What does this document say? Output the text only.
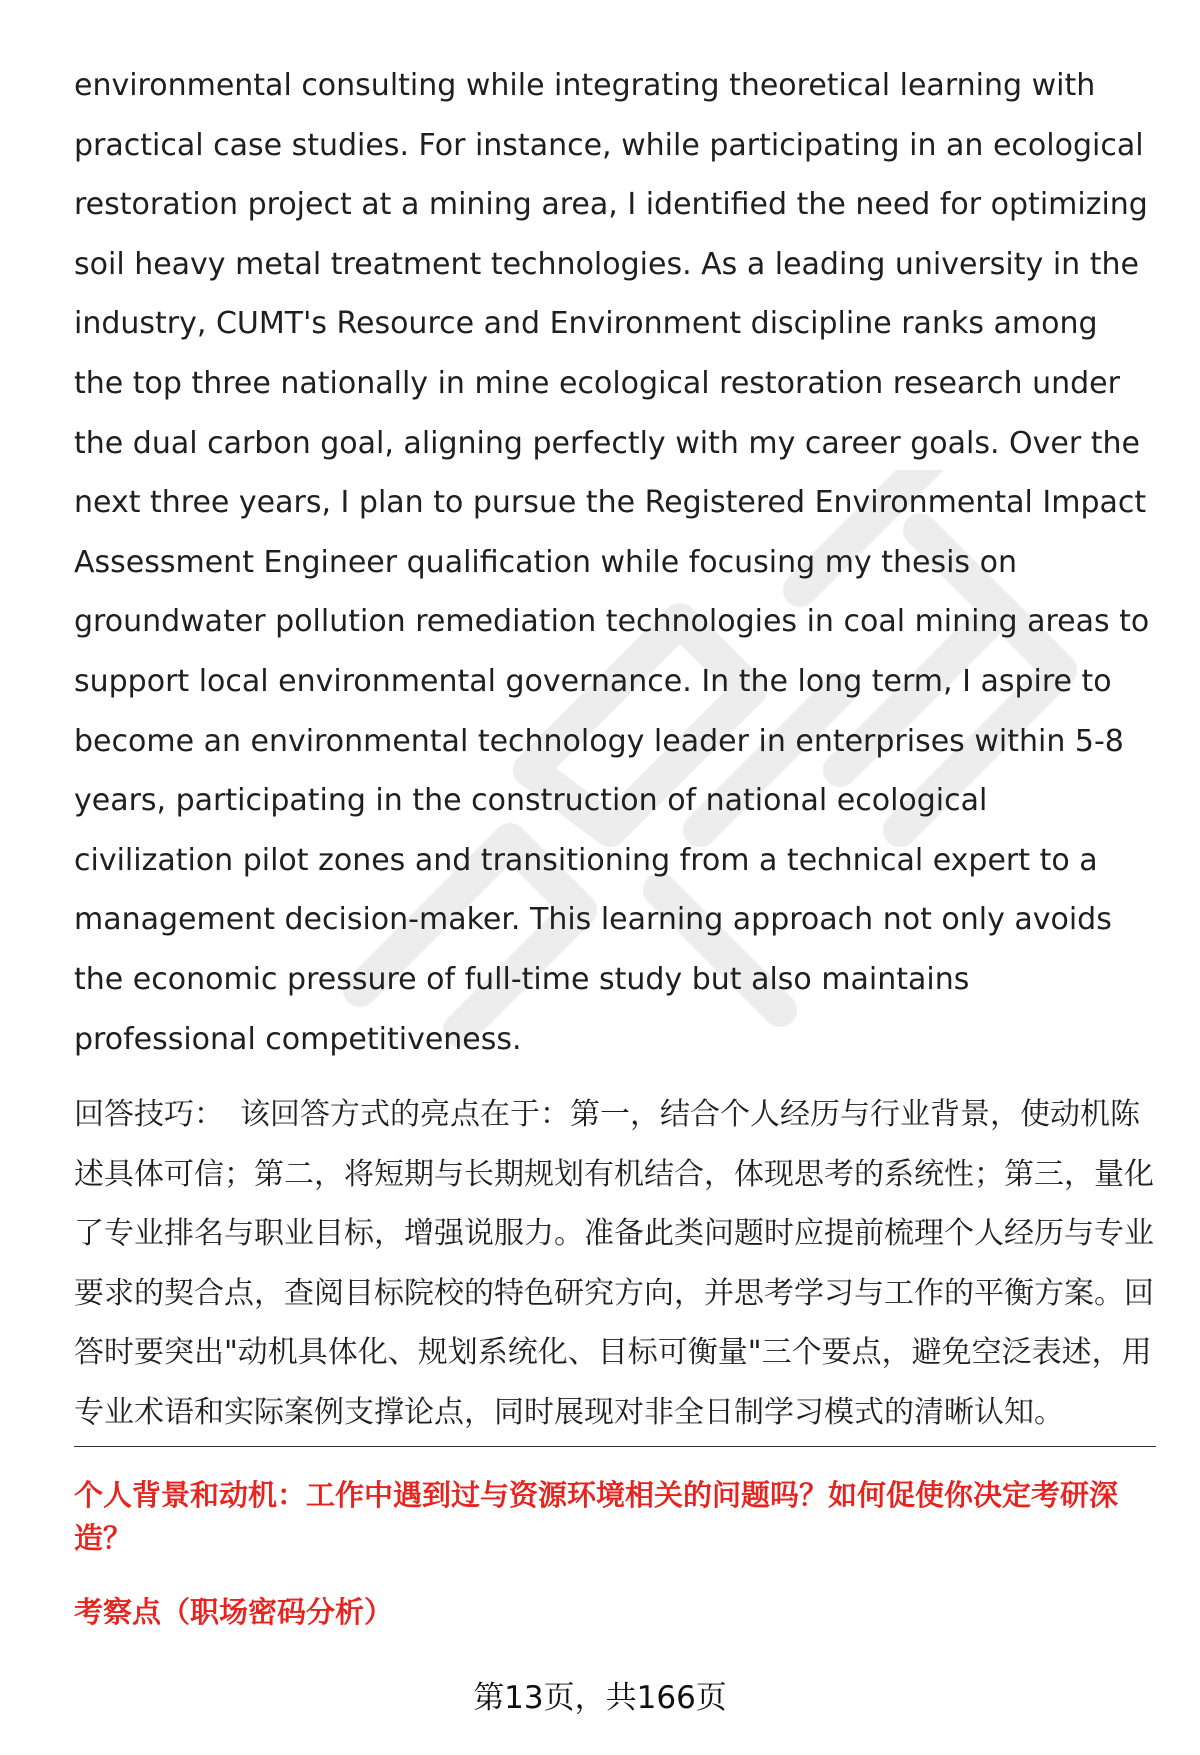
environmental consulting while integrating theoretical learning with practical case studies. For instance, while participating in an ecological restoration project at a mining area, I identified the need for optimizing soil heavy metal treatment technologies. As a leading university in the industry, CUMT's Resource and Environment discipline ranks among the top three nationally in mine ecological restoration research under the dual carbon goal, aligning perfectly with my career goals. Over the next three years, I plan to pursue the Registered Environmental Impact Assessment Engineer qualification while focusing my thesis on groundwater pollution remediation technologies in coal mining areas to support local environmental governance. In the long term, I aspire to become an environmental technology leader in enterprises within 5-8 years, participating in the construction of national ecological civilization pilot zones and transitioning from a technical expert to a management decision-maker. This learning approach not only avoids the economic pressure of full-time study but also maintains professional competitiveness.

回答技巧： 该回答方式的亮点在于：第一，结合个人经历与行业背景，使动机陈述具体可信；第二，将短期与长期规划有机结合，体现思考的系统性；第三，量化了专业排名与职业目标，增强说服力。准备此类问题时应提前梳理个人经历与专业要求的契合点，查阅目标院校的特色研究方向，并思考学习与工作的平衡方案。回答时要突出"动机具体化、规划系统化、目标可衡量"三个要点，避免空泛表述，用专业术语和实际案例支撑论点，同时展现对非全日制学习模式的清晰认知。

个人背景和动机：工作中遇到过与资源环境相关的问题吗？如何促使你决定考研深造？

考察点（职场密码分析）

第13页，共166页
